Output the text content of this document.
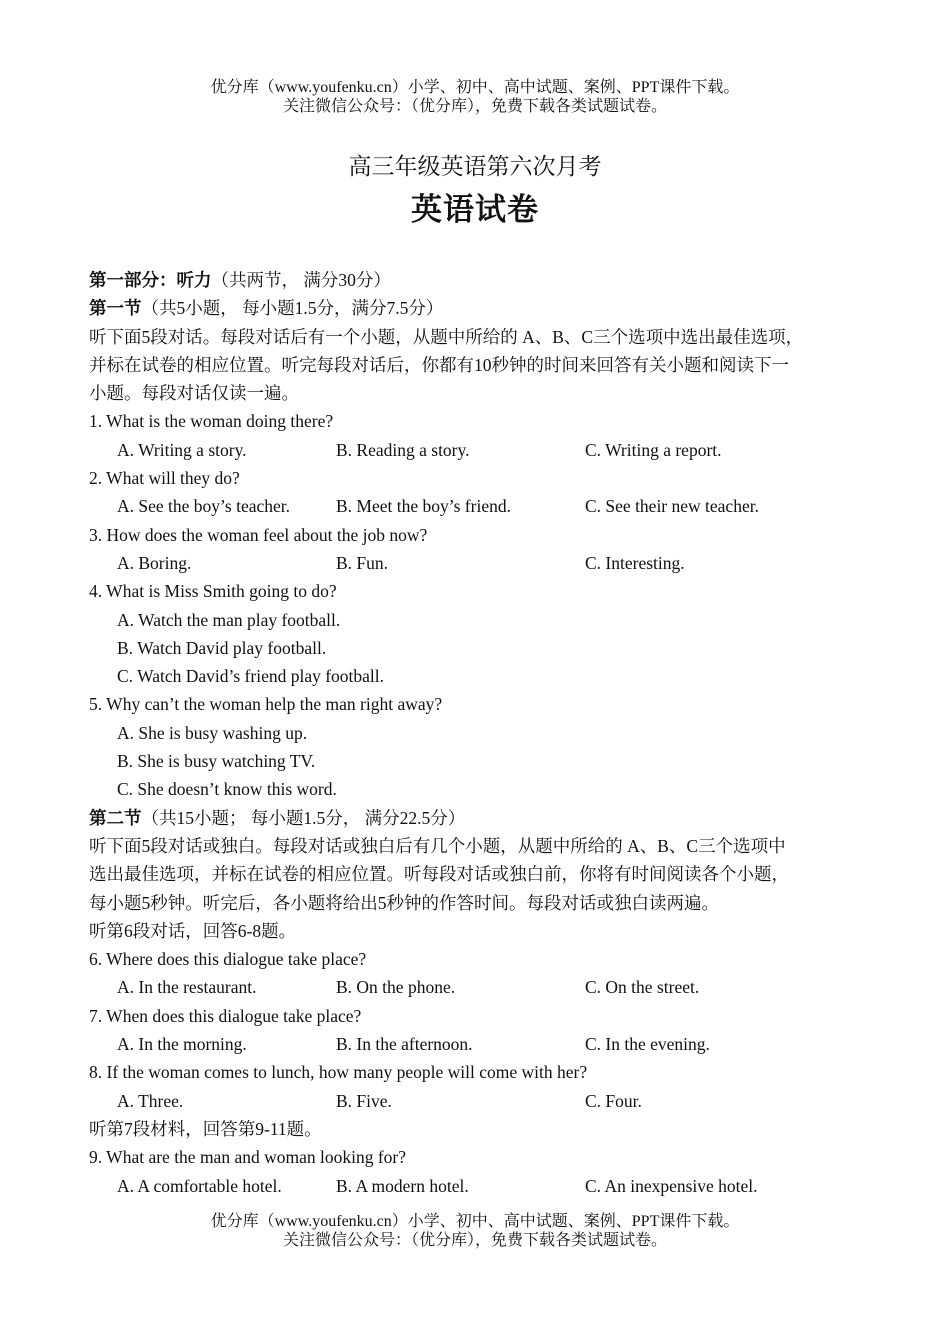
优分库（www.youfenku.cn）小学、初中、高中试题、案例、PPT课件下载。
关注微信公众号：（优分库），免费下载各类试题试卷。
高三年级英语第六次月考
英语试卷
第一部分：听力（共两节， 满分30分）
第一节（共5小题， 每小题1.5分，满分7.5分）
听下面5段对话。每段对话后有一个小题，从题中所给的 A、B、C三个选项中选出最佳选项，
并标在试卷的相应位置。听完每段对话后，你都有10秒钟的时间来回答有关小题和阅读下一
小题。每段对话仅读一遍。
1. What is the woman doing there?
A. Writing a story.	B. Reading a story.	C. Writing a report.
2. What will they do?
A. See the boy’s teacher.	B. Meet the boy’s friend.	C. See their new teacher.
3. How does the woman feel about the job now?
A. Boring.	B. Fun.	C. Interesting.
4. What is Miss Smith going to do?
A. Watch the man play football.
B. Watch David play football.
C. Watch David’s friend play football.
5. Why can’t the woman help the man right away?
A. She is busy washing up.
B. She is busy watching TV.
C. She doesn’t know this word.
第二节（共15小题； 每小题1.5分， 满分22.5分）
听下面5段对话或独白。每段对话或独白后有几个小题，从题中所给的 A、B、C三个选项中
选出最佳选项，并标在试卷的相应位置。听每段对话或独白前，你将有时间阅读各个小题，
每小题5秒钟。听完后，各小题将给出5秒钟的作答时间。每段对话或独白读两遍。
听第6段对话，回答6-8题。
6. Where does this dialogue take place?
A. In the restaurant.	B. On the phone.	C. On the street.
7. When does this dialogue take place?
A. In the morning.	B. In the afternoon.	C. In the evening.
8. If the woman comes to lunch, how many people will come with her?
A. Three.	B. Five.	C. Four.
听第7段材料，回答第9-11题。
9. What are the man and woman looking for?
A. A comfortable hotel.	B. A modern hotel.	C. An inexpensive hotel.
优分库（www.youfenku.cn）小学、初中、高中试题、案例、PPT课件下载。
关注微信公众号：（优分库），免费下载各类试题试卷。
